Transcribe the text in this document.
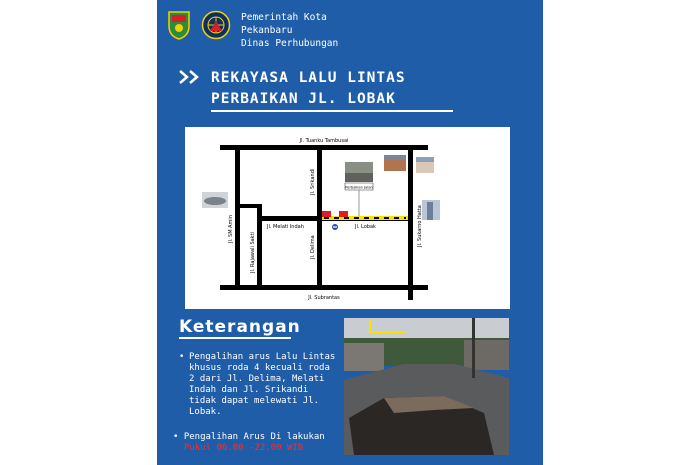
Pemerintah Kota
Pekanbaru
Dinas Perhubungan
REKAYASA LALU LINTAS
PERBAIKAN JL. LOBAK
Perbaikan Jalan
Jl. Tuanku Tambusai
Jl. Subrantas
Jl. Melati Indah	Jl. Lobak
Jl. Srikandi
Jl. SM Amin
Jl. Rajawali Sakti	Jl. Delima
Jl. Sukarno Hatta
Keterangan
• Pengalihan arus Lalu Lintas khusus roda 4 kecuali roda 2 dari Jl. Delima, Melati Indah dan Jl. Srikandi tidak dapat melewati Jl. Lobak.
• Pengalihan Arus Di lakukan
Pukul 06.00 -22.00 WIB
